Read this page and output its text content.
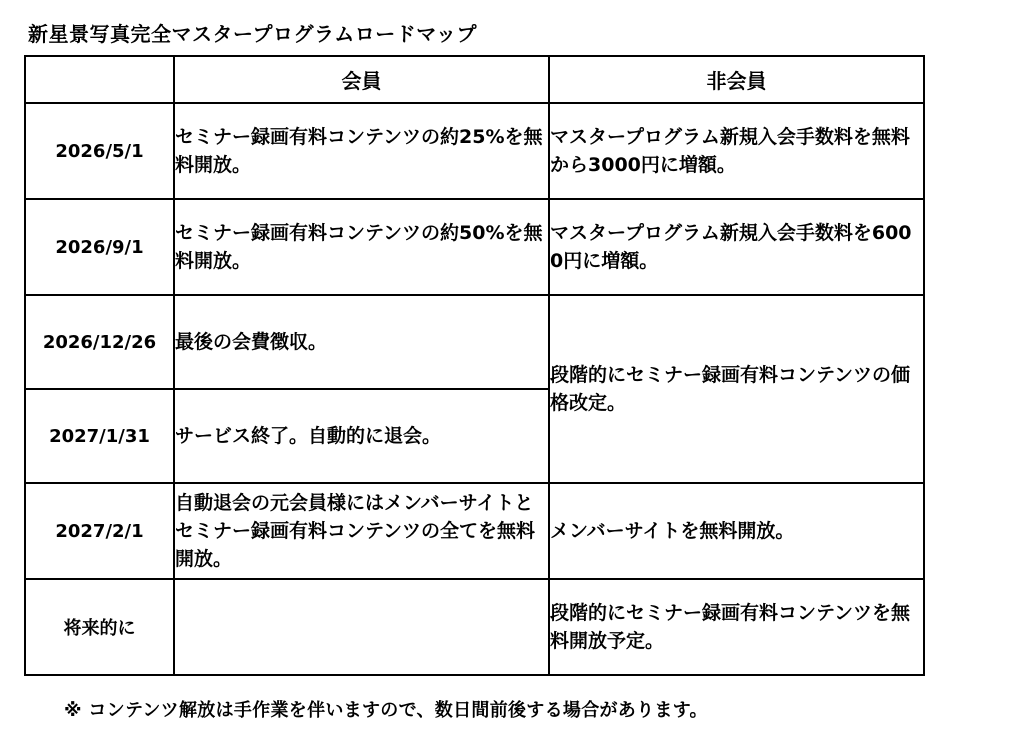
新星景写真完全マスタープログラムロードマップ
	会員	非会員
2026/5/1	セミナー録画有料コンテンツの約25%を無料開放。	マスタープログラム新規入会手数料を無料から3000円に増額。
2026/9/1	セミナー録画有料コンテンツの約50%を無料開放。	マスタープログラム新規入会手数料を6000円に増額。
2026/12/26	最後の会費徴収。	段階的にセミナー録画有料コンテンツの価格改定。
2027/1/31	サービス終了。自動的に退会。	
2027/2/1	自動退会の元会員様にはメンバーサイトとセミナー録画有料コンテンツの全てを無料開放。	メンバーサイトを無料開放。
将来的に		段階的にセミナー録画有料コンテンツを無料開放予定。
※ コンテンツ解放は手作業を伴いますので、数日間前後する場合があります。
